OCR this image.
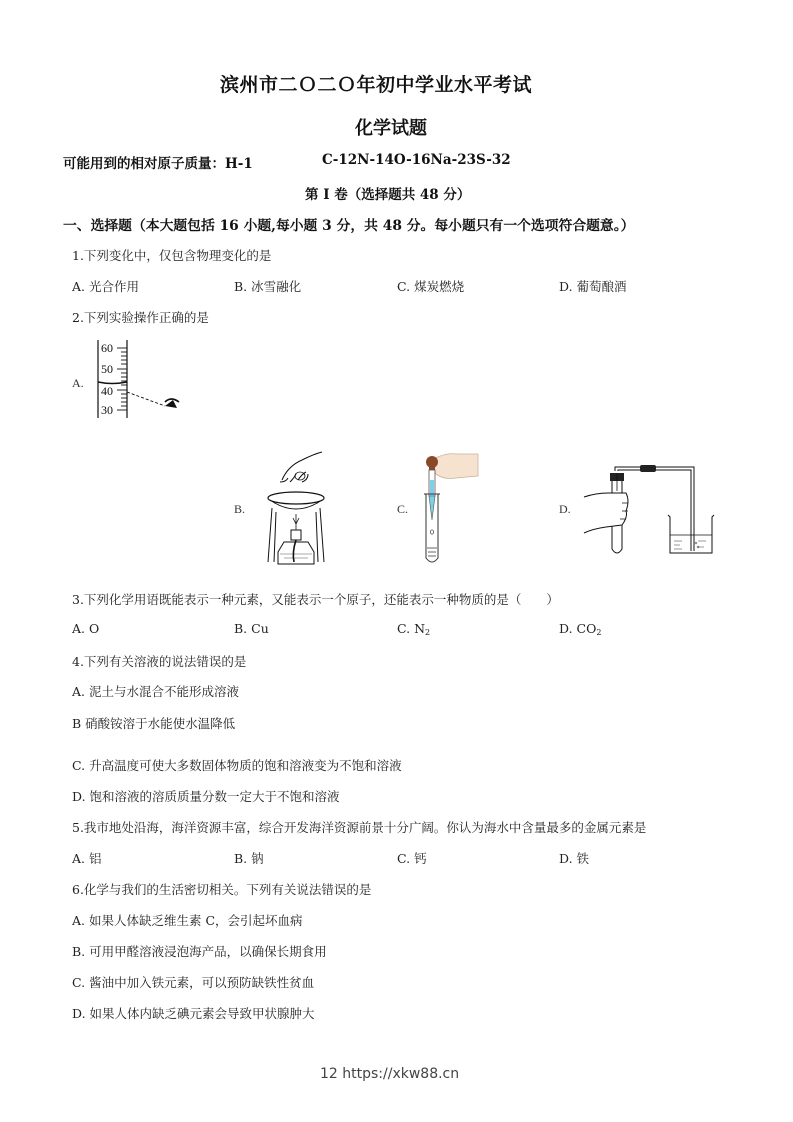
滨州市二Ｏ二Ｏ年初中学业水平考试
化学试题
可能用到的相对原子质量：H-1	C-12N-14O-16Na-23S-32
第 I 卷（选择题共 48 分）
一、选择题（本大题包括 16 小题,每小题 3 分，共 48 分。每小题只有一个选项符合题意。）
1.下列变化中，仅包含物理变化的是
A. 光合作用	B. 冰雪融化	C. 煤炭燃烧	D. 葡萄酿酒
2.下列实验操作正确的是
A.
60
50
40
30
B.	C.	D.
3.下列化学用语既能表示一种元素，又能表示一个原子，还能表示一种物质的是（　　）
A. O	B. Cu	C. $N_2$	D. $CO_2$
4.下列有关溶液的说法错误的是
A. 泥土与水混合不能形成溶液
B 硝酸铵溶于水能使水温降低
C. 升高温度可使大多数固体物质的饱和溶液变为不饱和溶液
D. 饱和溶液的溶质质量分数一定大于不饱和溶液
5.我市地处沿海，海洋资源丰富，综合开发海洋资源前景十分广阔。你认为海水中含量最多的金属元素是
A. 铝	B. 钠	C. 钙	D. 铁
6.化学与我们的生活密切相关。下列有关说法错误的是
A. 如果人体缺乏维生素 C，会引起坏血病
B. 可用甲醛溶液浸泡海产品，以确保长期食用
C. 酱油中加入铁元素，可以预防缺铁性贫血
D. 如果人体内缺乏碘元素会导致甲状腺肿大
12 https://xkw88.cn
